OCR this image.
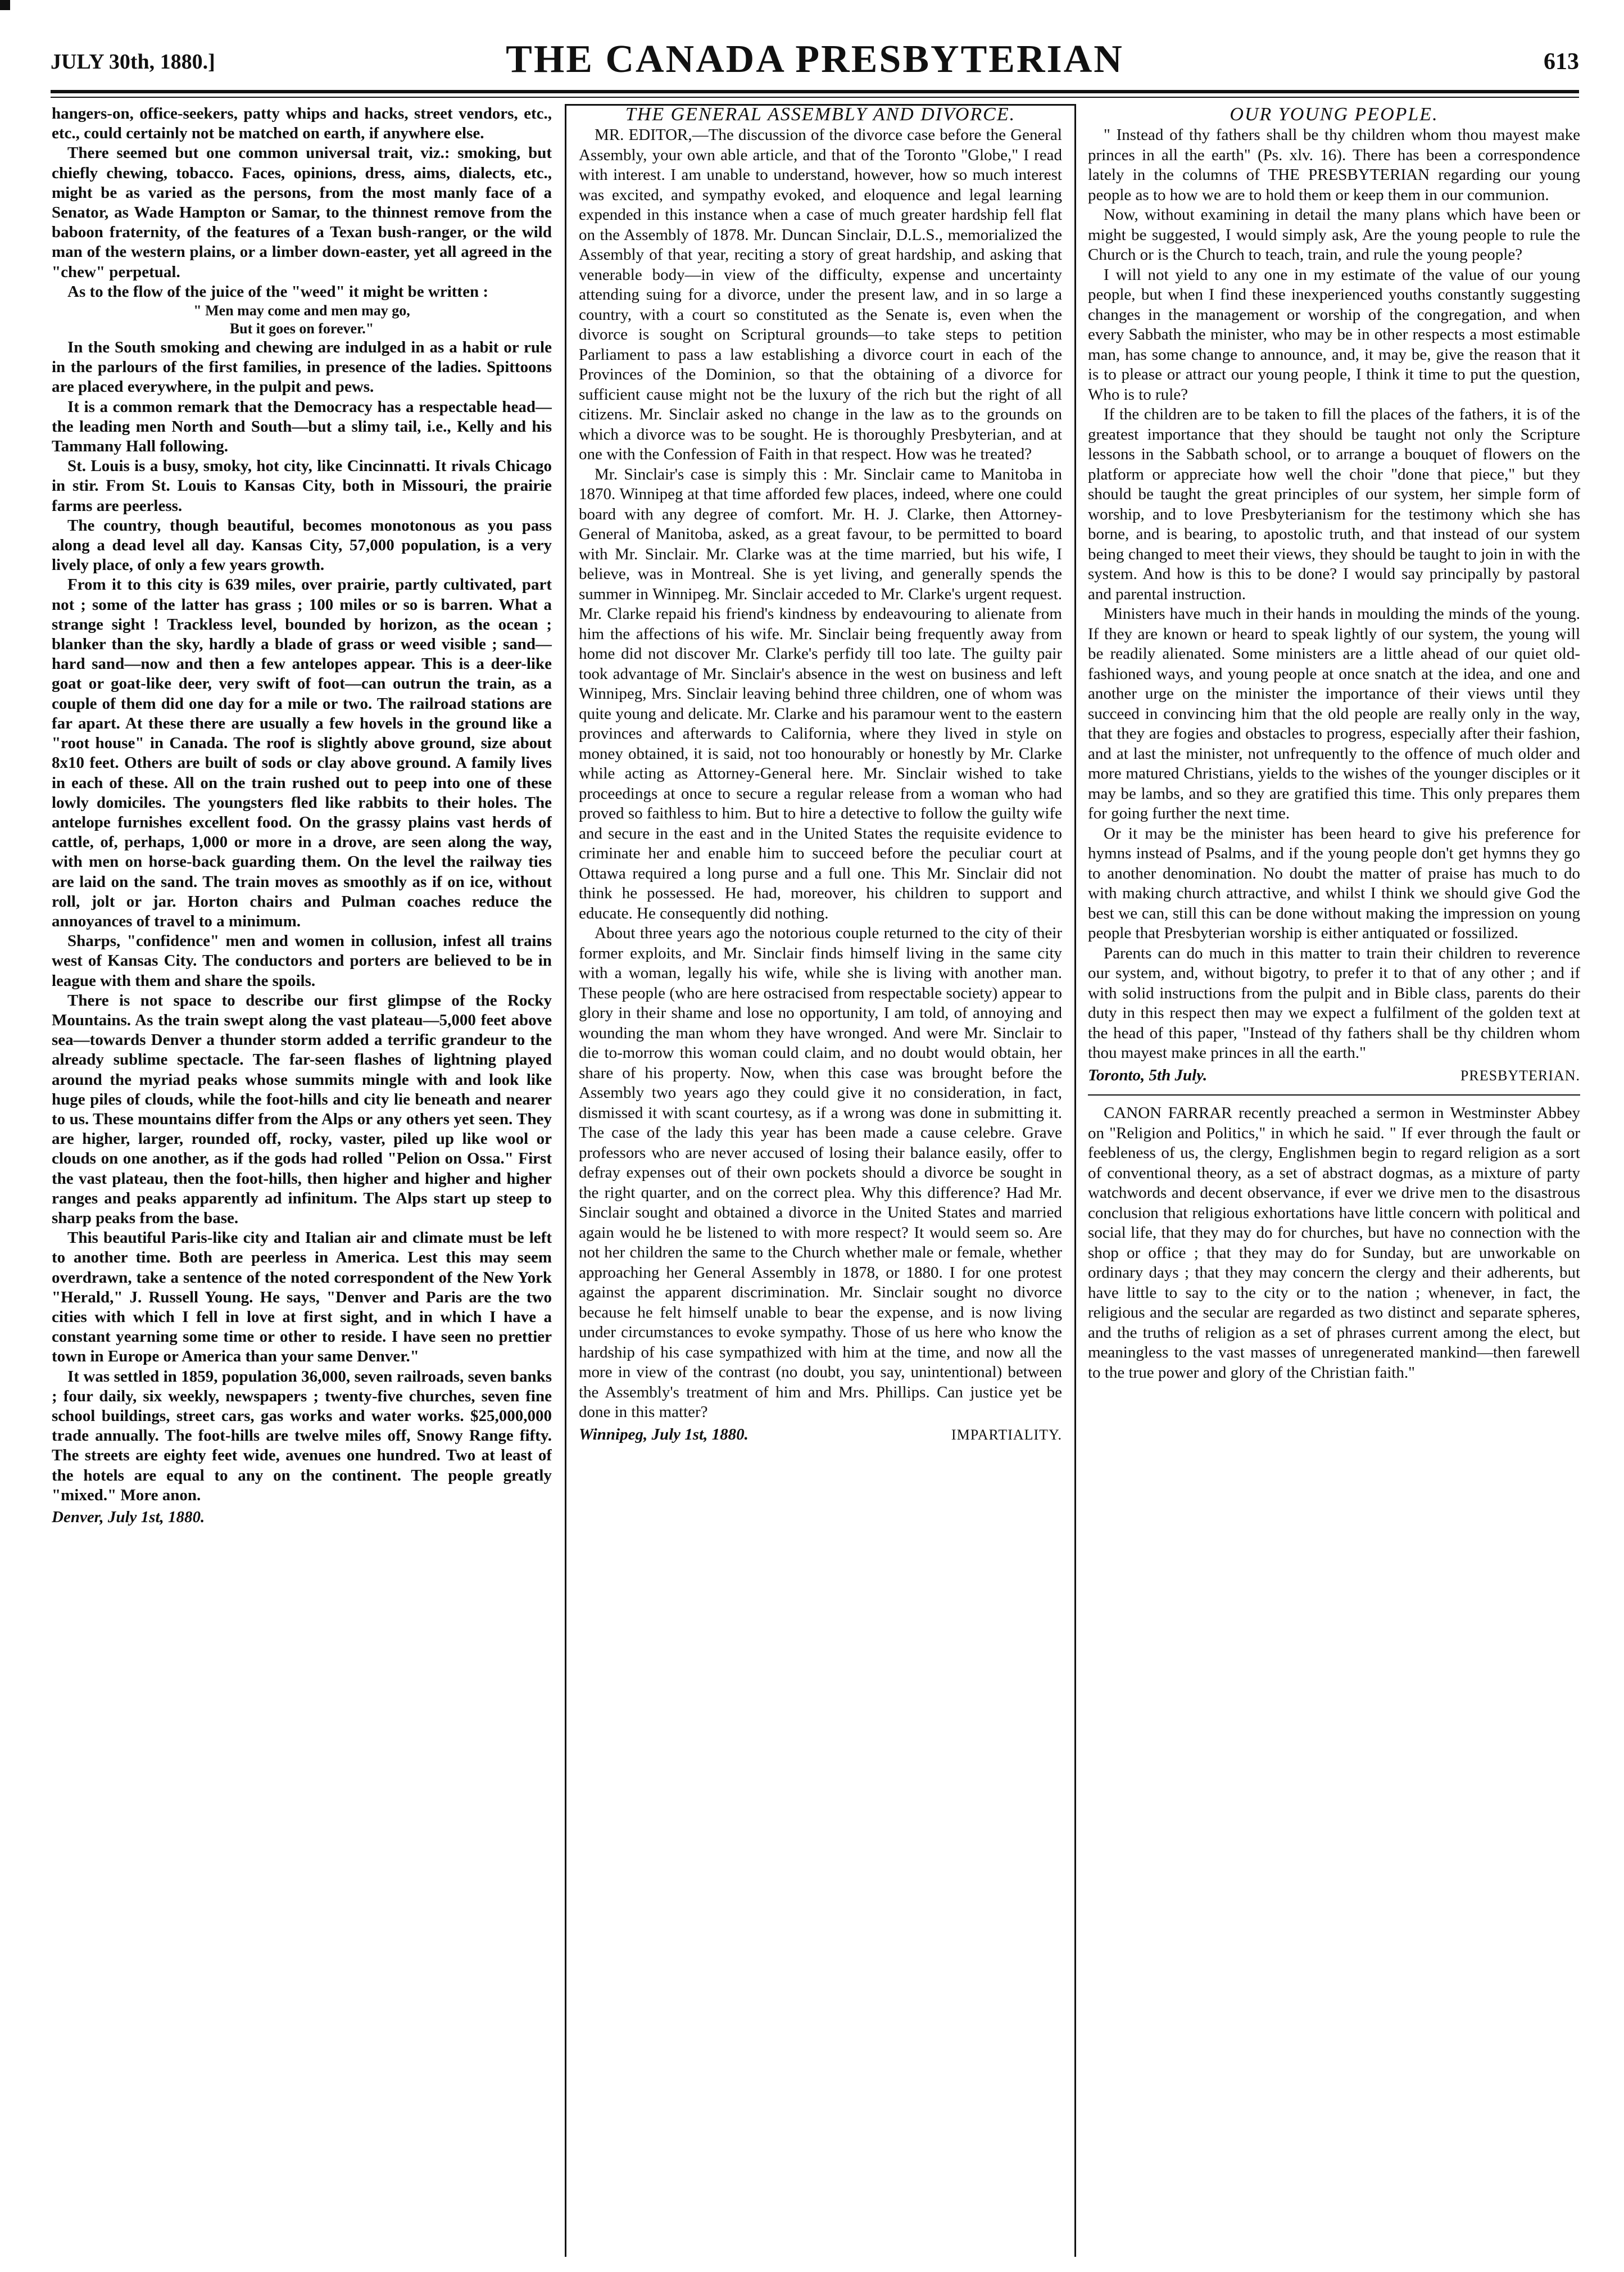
JULY 30th, 1880.]	THE CANADA PRESBYTERIAN	613

hangers-on, office-seekers, patty whips and hacks, street vendors, etc., etc., could certainly not be matched on earth, if anywhere else.

There seemed but one common universal trait, viz.: smoking, but chiefly chewing, tobacco. Faces, opinions, dress, aims, dialects, etc., might be as varied as the persons, from the most manly face of a Senator, as Wade Hampton or Samar, to the thinnest remove from the baboon fraternity, of the features of a Texan bush-ranger, or the wild man of the western plains, or a limber down-easter, yet all agreed in the "chew" perpetual.

As to the flow of the juice of the "weed" it might be written :

" Men may come and men may go,

But it goes on forever."

In the South smoking and chewing are indulged in as a habit or rule in the parlours of the first families, in presence of the ladies. Spittoons are placed everywhere, in the pulpit and pews.

It is a common remark that the Democracy has a respectable head—the leading men North and South—but a slimy tail, i.e., Kelly and his Tammany Hall following.

St. Louis is a busy, smoky, hot city, like Cincinnatti. It rivals Chicago in stir. From St. Louis to Kansas City, both in Missouri, the prairie farms are peerless.

The country, though beautiful, becomes monotonous as you pass along a dead level all day. Kansas City, 57,000 population, is a very lively place, of only a few years growth.

From it to this city is 639 miles, over prairie, partly cultivated, part not ; some of the latter has grass ; 100 miles or so is barren. What a strange sight ! Trackless level, bounded by horizon, as the ocean ; blanker than the sky, hardly a blade of grass or weed visible ; sand—hard sand—now and then a few antelopes appear. This is a deer-like goat or goat-like deer, very swift of foot—can outrun the train, as a couple of them did one day for a mile or two. The railroad stations are far apart. At these there are usually a few hovels in the ground like a "root house" in Canada. The roof is slightly above ground, size about 8x10 feet. Others are built of sods or clay above ground. A family lives in each of these. All on the train rushed out to peep into one of these lowly domiciles. The youngsters fled like rabbits to their holes. The antelope furnishes excellent food. On the grassy plains vast herds of cattle, of, perhaps, 1,000 or more in a drove, are seen along the way, with men on horse-back guarding them. On the level the railway ties are laid on the sand. The train moves as smoothly as if on ice, without roll, jolt or jar. Horton chairs and Pulman coaches reduce the annoyances of travel to a minimum.

Sharps, "confidence" men and women in collusion, infest all trains west of Kansas City. The conductors and porters are believed to be in league with them and share the spoils.

There is not space to describe our first glimpse of the Rocky Mountains. As the train swept along the vast plateau—5,000 feet above sea—towards Denver a thunder storm added a terrific grandeur to the already sublime spectacle. The far-seen flashes of lightning played around the myriad peaks whose summits mingle with and look like huge piles of clouds, while the foot-hills and city lie beneath and nearer to us. These mountains differ from the Alps or any others yet seen. They are higher, larger, rounded off, rocky, vaster, piled up like wool or clouds on one another, as if the gods had rolled "Pelion on Ossa." First the vast plateau, then the foot-hills, then higher and higher and higher ranges and peaks apparently ad infinitum. The Alps start up steep to sharp peaks from the base.

This beautiful Paris-like city and Italian air and climate must be left to another time. Both are peerless in America. Lest this may seem overdrawn, take a sentence of the noted correspondent of the New York "Herald," J. Russell Young. He says, "Denver and Paris are the two cities with which I fell in love at first sight, and in which I have a constant yearning some time or other to reside. I have seen no prettier town in Europe or America than your same Denver."

It was settled in 1859, population 36,000, seven railroads, seven banks ; four daily, six weekly, newspapers ; twenty-five churches, seven fine school buildings, street cars, gas works and water works. $25,000,000 trade annually. The foot-hills are twelve miles off, Snowy Range fifty. The streets are eighty feet wide, avenues one hundred. Two at least of the hotels are equal to any on the continent. The people greatly "mixed." More anon.

Denver, July 1st, 1880.

THE GENERAL ASSEMBLY AND DIVORCE.

MR. EDITOR,—The discussion of the divorce case before the General Assembly, your own able article, and that of the Toronto "Globe," I read with interest. I am unable to understand, however, how so much interest was excited, and sympathy evoked, and eloquence and legal learning expended in this instance when a case of much greater hardship fell flat on the Assembly of 1878. Mr. Duncan Sinclair, D.L.S., memorialized the Assembly of that year, reciting a story of great hardship, and asking that venerable body—in view of the difficulty, expense and uncertainty attending suing for a divorce, under the present law, and in so large a country, with a court so constituted as the Senate is, even when the divorce is sought on Scriptural grounds—to take steps to petition Parliament to pass a law establishing a divorce court in each of the Provinces of the Dominion, so that the obtaining of a divorce for sufficient cause might not be the luxury of the rich but the right of all citizens. Mr. Sinclair asked no change in the law as to the grounds on which a divorce was to be sought. He is thoroughly Presbyterian, and at one with the Confession of Faith in that respect. How was he treated?

Mr. Sinclair's case is simply this : Mr. Sinclair came to Manitoba in 1870. Winnipeg at that time afforded few places, indeed, where one could board with any degree of comfort. Mr. H. J. Clarke, then Attorney-General of Manitoba, asked, as a great favour, to be permitted to board with Mr. Sinclair. Mr. Clarke was at the time married, but his wife, I believe, was in Montreal. She is yet living, and generally spends the summer in Winnipeg. Mr. Sinclair acceded to Mr. Clarke's urgent request. Mr. Clarke repaid his friend's kindness by endeavouring to alienate from him the affections of his wife. Mr. Sinclair being frequently away from home did not discover Mr. Clarke's perfidy till too late. The guilty pair took advantage of Mr. Sinclair's absence in the west on business and left Winnipeg, Mrs. Sinclair leaving behind three children, one of whom was quite young and delicate. Mr. Clarke and his paramour went to the eastern provinces and afterwards to California, where they lived in style on money obtained, it is said, not too honourably or honestly by Mr. Clarke while acting as Attorney-General here. Mr. Sinclair wished to take proceedings at once to secure a regular release from a woman who had proved so faithless to him. But to hire a detective to follow the guilty wife and secure in the east and in the United States the requisite evidence to criminate her and enable him to succeed before the peculiar court at Ottawa required a long purse and a full one. This Mr. Sinclair did not think he possessed. He had, moreover, his children to support and educate. He consequently did nothing.

About three years ago the notorious couple returned to the city of their former exploits, and Mr. Sinclair finds himself living in the same city with a woman, legally his wife, while she is living with another man. These people (who are here ostracised from respectable society) appear to glory in their shame and lose no opportunity, I am told, of annoying and wounding the man whom they have wronged. And were Mr. Sinclair to die to-morrow this woman could claim, and no doubt would obtain, her share of his property. Now, when this case was brought before the Assembly two years ago they could give it no consideration, in fact, dismissed it with scant courtesy, as if a wrong was done in submitting it. The case of the lady this year has been made a cause celebre. Grave professors who are never accused of losing their balance easily, offer to defray expenses out of their own pockets should a divorce be sought in the right quarter, and on the correct plea. Why this difference? Had Mr. Sinclair sought and obtained a divorce in the United States and married again would he be listened to with more respect? It would seem so. Are not her children the same to the Church whether male or female, whether approaching her General Assembly in 1878, or 1880. I for one protest against the apparent discrimination. Mr. Sinclair sought no divorce because he felt himself unable to bear the expense, and is now living under circumstances to evoke sympathy. Those of us here who know the hardship of his case sympathized with him at the time, and now all the more in view of the contrast (no doubt, you say, unintentional) between the Assembly's treatment of him and Mrs. Phillips. Can justice yet be done in this matter?

Winnipeg, July 1st, 1880.	IMPARTIALITY.

OUR YOUNG PEOPLE.

" Instead of thy fathers shall be thy children whom thou mayest make princes in all the earth" (Ps. xlv. 16). There has been a correspondence lately in the columns of THE PRESBYTERIAN regarding our young people as to how we are to hold them or keep them in our communion.

Now, without examining in detail the many plans which have been or might be suggested, I would simply ask, Are the young people to rule the Church or is the Church to teach, train, and rule the young people?

I will not yield to any one in my estimate of the value of our young people, but when I find these inexperienced youths constantly suggesting changes in the management or worship of the congregation, and when every Sabbath the minister, who may be in other respects a most estimable man, has some change to announce, and, it may be, give the reason that it is to please or attract our young people, I think it time to put the question, Who is to rule?

If the children are to be taken to fill the places of the fathers, it is of the greatest importance that they should be taught not only the Scripture lessons in the Sabbath school, or to arrange a bouquet of flowers on the platform or appreciate how well the choir "done that piece," but they should be taught the great principles of our system, her simple form of worship, and to love Presbyterianism for the testimony which she has borne, and is bearing, to apostolic truth, and that instead of our system being changed to meet their views, they should be taught to join in with the system. And how is this to be done? I would say principally by pastoral and parental instruction.

Ministers have much in their hands in moulding the minds of the young. If they are known or heard to speak lightly of our system, the young will be readily alienated. Some ministers are a little ahead of our quiet old-fashioned ways, and young people at once snatch at the idea, and one and another urge on the minister the importance of their views until they succeed in convincing him that the old people are really only in the way, that they are fogies and obstacles to progress, especially after their fashion, and at last the minister, not unfrequently to the offence of much older and more matured Christians, yields to the wishes of the younger disciples or it may be lambs, and so they are gratified this time. This only prepares them for going further the next time.

Or it may be the minister has been heard to give his preference for hymns instead of Psalms, and if the young people don't get hymns they go to another denomination. No doubt the matter of praise has much to do with making church attractive, and whilst I think we should give God the best we can, still this can be done without making the impression on young people that Presbyterian worship is either antiquated or fossilized.

Parents can do much in this matter to train their children to reverence our system, and, without bigotry, to prefer it to that of any other ; and if with solid instructions from the pulpit and in Bible class, parents do their duty in this respect then may we expect a fulfilment of the golden text at the head of this paper, "Instead of thy fathers shall be thy children whom thou mayest make princes in all the earth."

Toronto, 5th July.	PRESBYTERIAN.

CANON FARRAR recently preached a sermon in Westminster Abbey on "Religion and Politics," in which he said. " If ever through the fault or feebleness of us, the clergy, Englishmen begin to regard religion as a sort of conventional theory, as a set of abstract dogmas, as a mixture of party watchwords and decent observance, if ever we drive men to the disastrous conclusion that religious exhortations have little concern with political and social life, that they may do for churches, but have no connection with the shop or office ; that they may do for Sunday, but are unworkable on ordinary days ; that they may concern the clergy and their adherents, but have little to say to the city or to the nation ; whenever, in fact, the religious and the secular are regarded as two distinct and separate spheres, and the truths of religion as a set of phrases current among the elect, but meaningless to the vast masses of unregenerated mankind—then farewell to the true power and glory of the Christian faith."
